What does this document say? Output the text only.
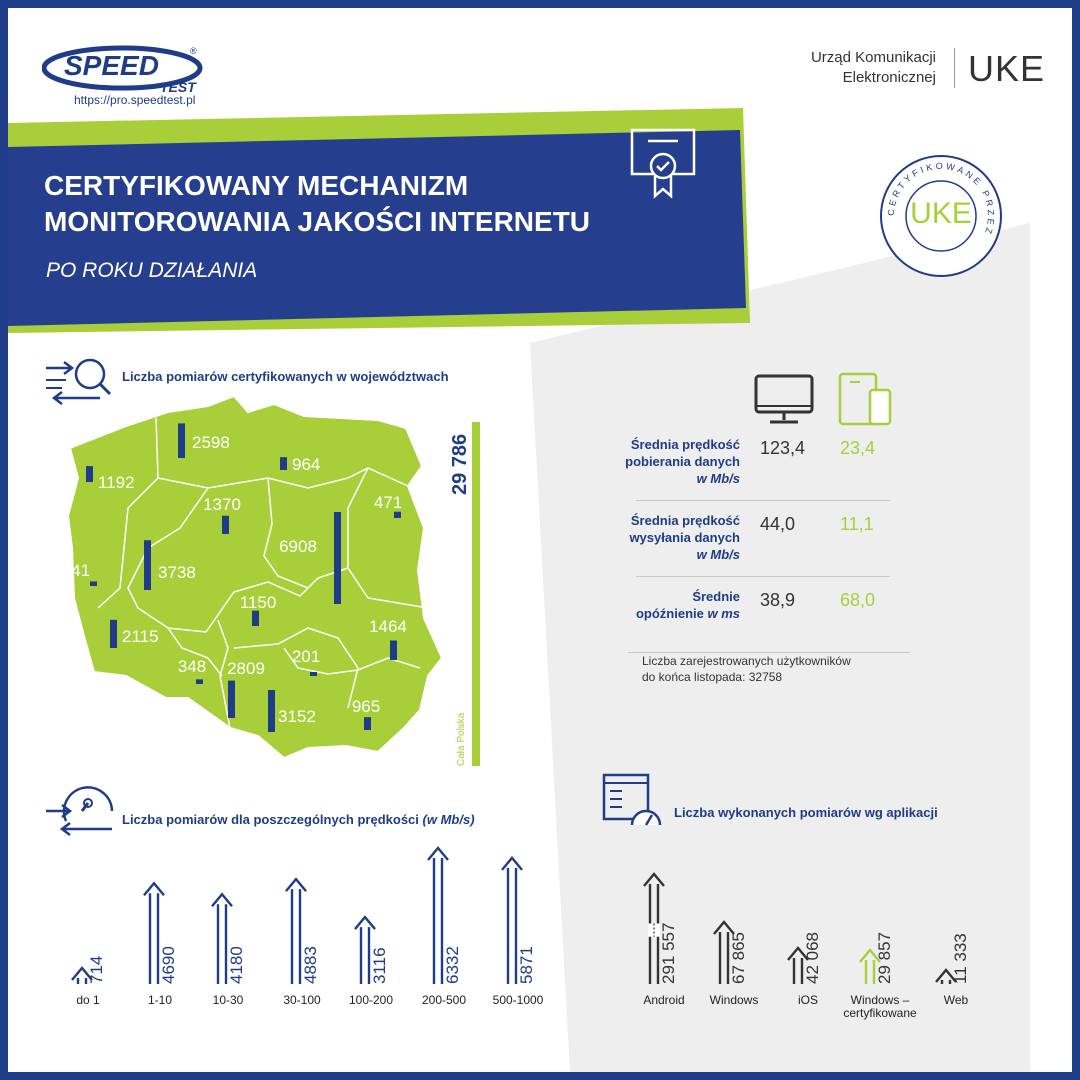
SPEED	®
TEST
https://pro.speedtest.pl
Urząd Komunikacji
Elektronicznej UKE
CERTYFIKOWANY MECHANIZM
MONITOROWANIA JAKOŚCI INTERNETU
PO ROKU DZIAŁANIA
CERTYFIKOWANE PRZEZ
UKE
Liczba pomiarów certyfikowanych w województwach
1192
2598
964
471
1370
341	3738
6908
1150
2115
1464
348 2809
201
3152
965
29 786
Cała Polska
Średnia prędkość
pobierania danych
w Mb/s
123,4 23,4
Średnia prędkość
wysyłania danych
w Mb/s
44,0 11,1
Średnie
opóźnienie w ms
38,9 68,0
Liczba zarejestrowanych użytkowników
do końca listopada: 32758
Liczba pomiarów dla poszczególnych prędkości (w Mb/s)
714
do 1
4690
1-10
4180
10-30
4883
30-100
3116
100-200
6332
200-500
5871
500-1000
Liczba wykonanych pomiarów wg aplikacji
291 557
Android
67 865
Windows
42 068
iOS
29 857
Windows –
certyfikowane
11 333
Web
